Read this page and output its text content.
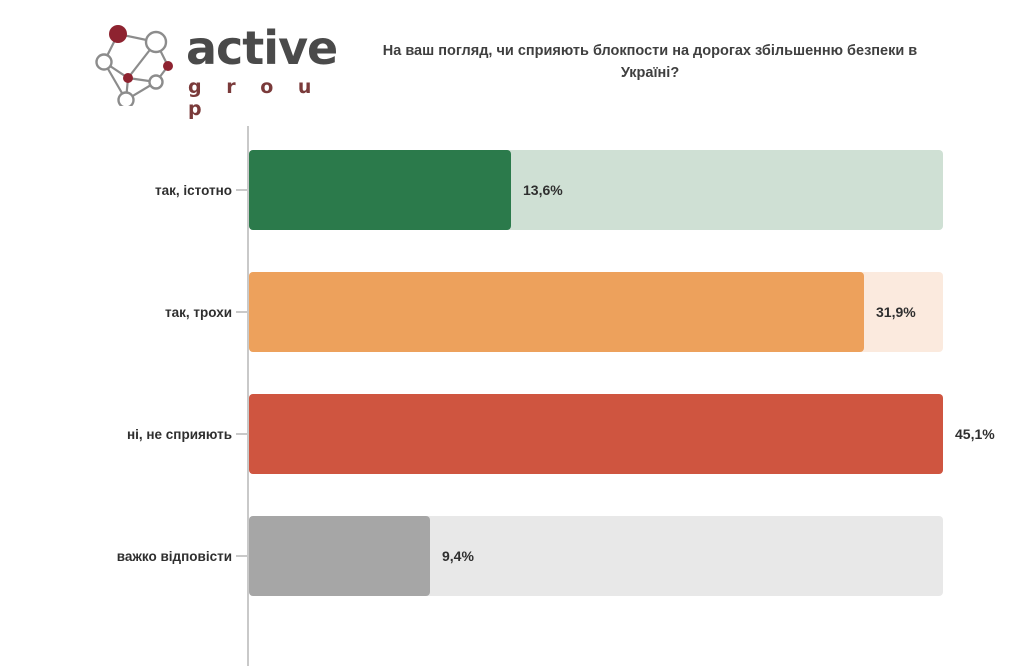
active
g r o u p
На ваш погляд, чи сприяють блокпости на дорогах збільшенню безпеки в Україні?
так, істотно	13,6%
так, трохи	31,9%
ні, не сприяють	45,1%
важко відповісти	9,4%
